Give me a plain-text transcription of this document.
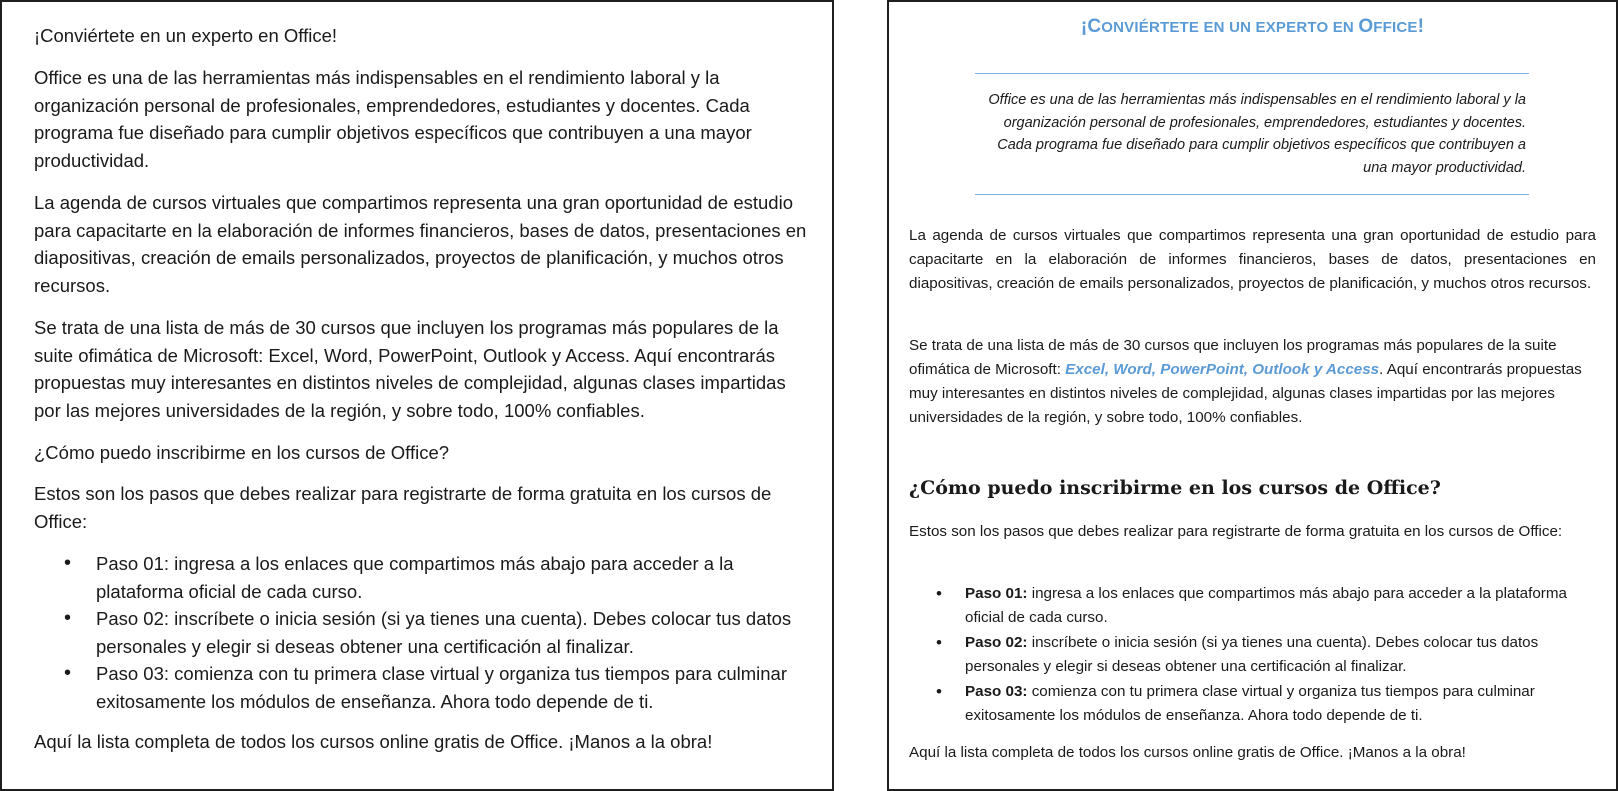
¡Conviértete en un experto en Office!

Office es una de las herramientas más indispensables en el rendimiento laboral y la organización personal de profesionales, emprendedores, estudiantes y docentes. Cada programa fue diseñado para cumplir objetivos específicos que contribuyen a una mayor productividad.

La agenda de cursos virtuales que compartimos representa una gran oportunidad de estudio para capacitarte en la elaboración de informes financieros, bases de datos, presentaciones en diapositivas, creación de emails personalizados, proyectos de planificación, y muchos otros recursos.

Se trata de una lista de más de 30 cursos que incluyen los programas más populares de la suite ofimática de Microsoft: Excel, Word, PowerPoint, Outlook y Access. Aquí encontrarás propuestas muy interesantes en distintos niveles de complejidad, algunas clases impartidas por las mejores universidades de la región, y sobre todo, 100% confiables.

¿Cómo puedo inscribirme en los cursos de Office?

Estos son los pasos que debes realizar para registrarte de forma gratuita en los cursos de Office:

• Paso 01: ingresa a los enlaces que compartimos más abajo para acceder a la plataforma oficial de cada curso.

• Paso 02: inscríbete o inicia sesión (si ya tienes una cuenta). Debes colocar tus datos personales y elegir si deseas obtener una certificación al finalizar.

• Paso 03: comienza con tu primera clase virtual y organiza tus tiempos para culminar exitosamente los módulos de enseñanza. Ahora todo depende de ti.

Aquí la lista completa de todos los cursos online gratis de Office. ¡Manos a la obra!

¡CONVIÉRTETE EN UN EXPERTO EN OFFICE!

Office es una de las herramientas más indispensables en el rendimiento laboral y la organización personal de profesionales, emprendedores, estudiantes y docentes. Cada programa fue diseñado para cumplir objetivos específicos que contribuyen a una mayor productividad.

La agenda de cursos virtuales que compartimos representa una gran oportunidad de estudio para capacitarte en la elaboración de informes financieros, bases de datos, presentaciones en diapositivas, creación de emails personalizados, proyectos de planificación, y muchos otros recursos.

Se trata de una lista de más de 30 cursos que incluyen los programas más populares de la suite ofimática de Microsoft: Excel, Word, PowerPoint, Outlook y Access. Aquí encontrarás propuestas muy interesantes en distintos niveles de complejidad, algunas clases impartidas por las mejores universidades de la región, y sobre todo, 100% confiables.

¿Cómo puedo inscribirme en los cursos de Office?

Estos son los pasos que debes realizar para registrarte de forma gratuita en los cursos de Office:

• Paso 01: ingresa a los enlaces que compartimos más abajo para acceder a la plataforma oficial de cada curso.

• Paso 02: inscríbete o inicia sesión (si ya tienes una cuenta). Debes colocar tus datos personales y elegir si deseas obtener una certificación al finalizar.

• Paso 03: comienza con tu primera clase virtual y organiza tus tiempos para culminar exitosamente los módulos de enseñanza. Ahora todo depende de ti.

Aquí la lista completa de todos los cursos online gratis de Office. ¡Manos a la obra!
